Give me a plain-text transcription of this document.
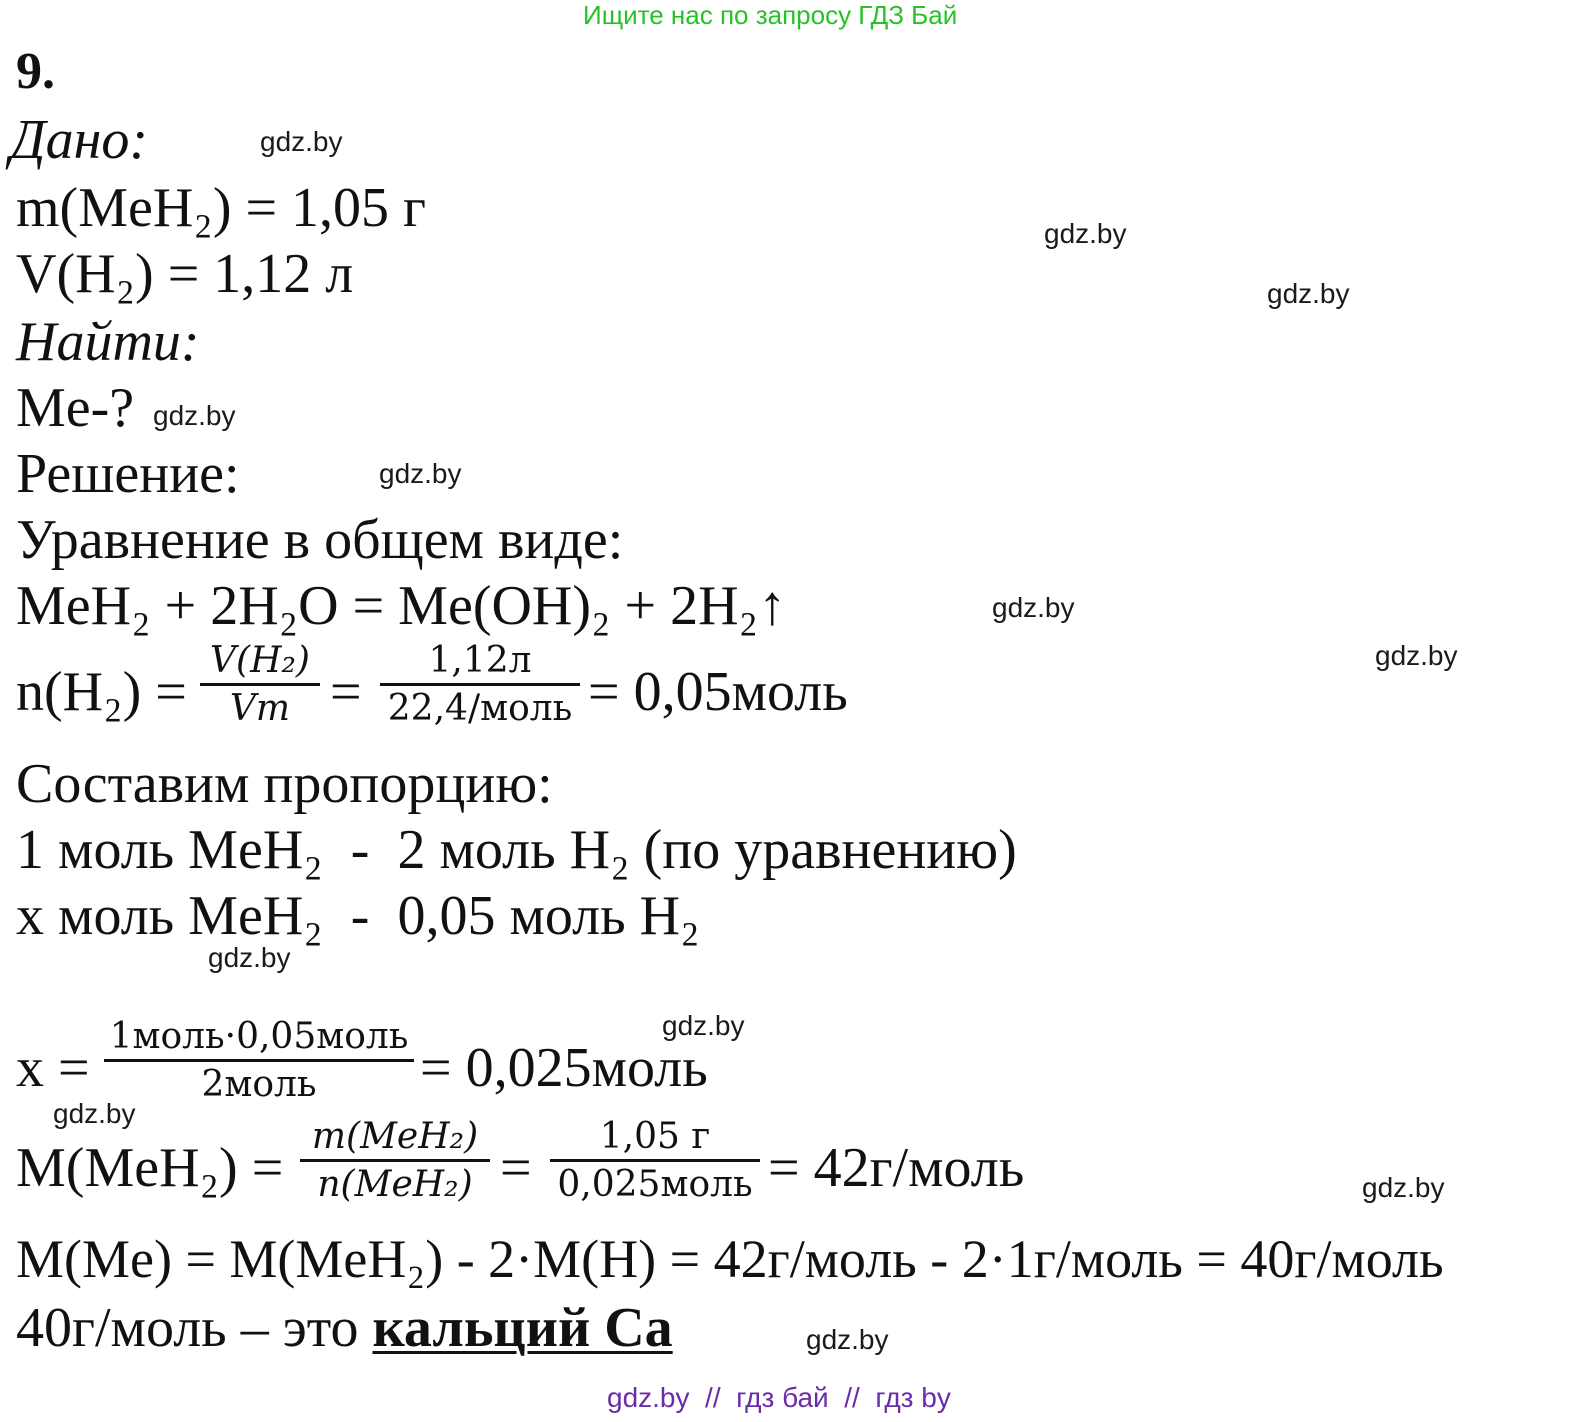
Ищите нас по запросу ГДЗ Бай
9.
Дано:
m(MeH₂) = 1,05 г
V(H₂) = 1,12 л
Найти:
Me-?
Решение:
Уравнение в общем виде:
MeH₂ + 2H₂O = Me(OH)₂ + 2H₂↑
n(H₂) =
V(H₂)
Vm =
1,12л
22,4/моль = 0,05моль
Составим пропорцию:
1 моль MeH₂  -  2 моль H₂ (по уравнению)
x моль MeH₂  -  0,05 моль H₂
x =
1моль·0,05моль
2моль = 0,025моль
M(MeH₂) =
m(MeH₂)
n(MeH₂) =
1,05 г
0,025моль = 42г/моль
M(Me) = M(MeH₂) - 2·M(H) = 42г/моль - 2·1г/моль = 40г/моль
40г/моль – это кальций Ca
gdz.by
gdz.by
gdz.by
gdz.by
gdz.by
gdz.by
gdz.by
gdz.by
gdz.by
gdz.by
gdz.by
gdz.by
gdz.by  //  гдз бай  //  гдз by
